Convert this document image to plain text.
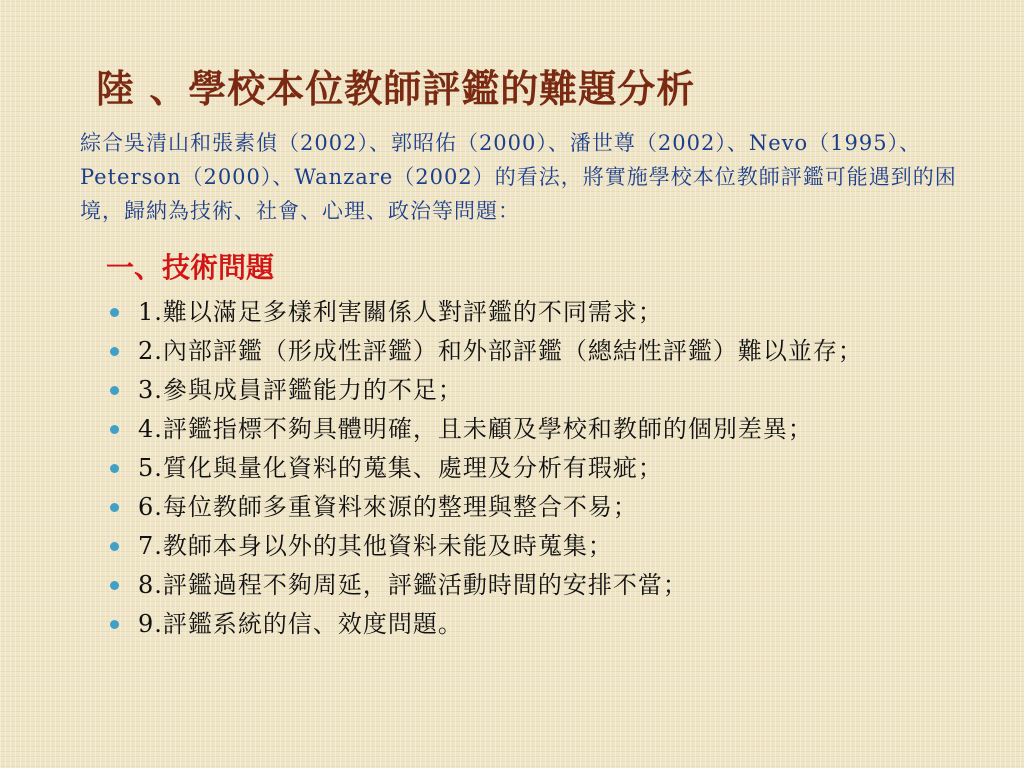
陸 、學校本位教師評鑑的難題分析

綜合吳清山和張素偵（2002）、郭昭佑（2000）、潘世尊（2002）、Nevo（1995）、Peterson（2000）、Wanzare（2002）的看法，將實施學校本位教師評鑑可能遇到的困境，歸納為技術、社會、心理、政治等問題：

一、技術問題
1.難以滿足多樣利害關係人對評鑑的不同需求；
2.內部評鑑（形成性評鑑）和外部評鑑（總結性評鑑）難以並存；
3.參與成員評鑑能力的不足；
4.評鑑指標不夠具體明確，且未顧及學校和教師的個別差異；
5.質化與量化資料的蒐集、處理及分析有瑕疵；
6.每位教師多重資料來源的整理與整合不易；
7.教師本身以外的其他資料未能及時蒐集；
8.評鑑過程不夠周延，評鑑活動時間的安排不當；
9.評鑑系統的信、效度問題。
